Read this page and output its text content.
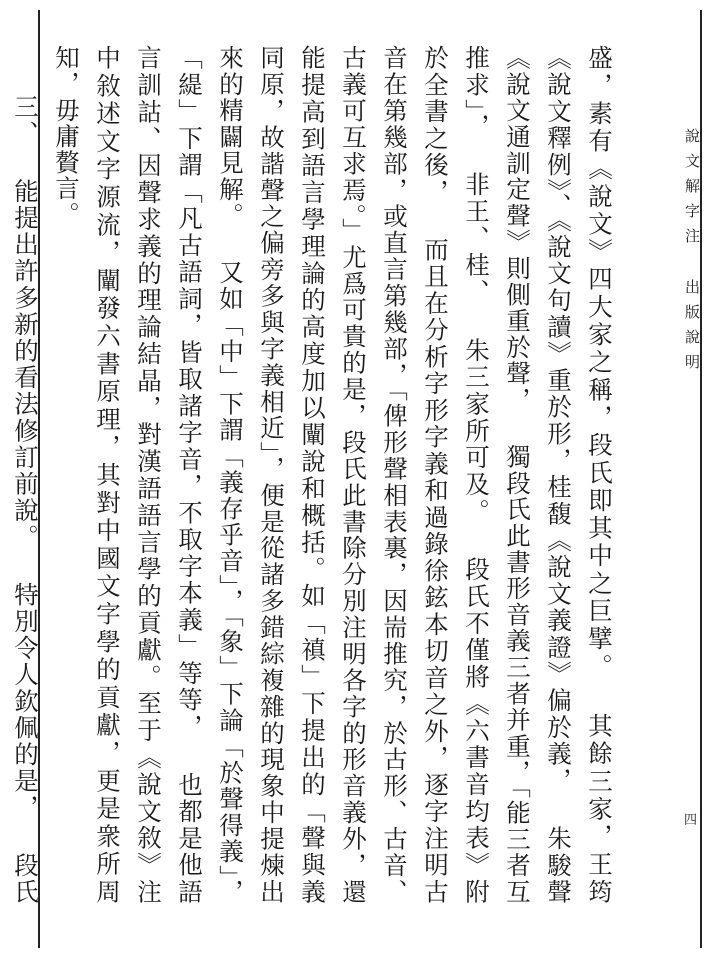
說文解字注出版說明
四

盛，素有《說文》四大家之稱，段氏即其中之巨擘。 其餘三家，王筠《說文釋例》、《說文句讀》重於形，桂馥《說文義證》偏於義， 朱駿聲《說文通訓定聲》則側重於聲， 獨段氏此書形音義三者并重，「能三者互推求」， 非王、桂、 朱三家所可及。 段氏不僅將《六書音均表》附於全書之後， 而且在分析字形字義和過錄徐鉉本切音之外，逐字注明古音在第幾部，或直言第幾部，「俾形聲相表裏，因耑推究，於古形、古音、古義可互求焉。」尤爲可貴的是，段氏此書除分別注明各字的形音義外，還能提高到語言學理論的高度加以闡說和概括。如「禛」下提出的「聲與義同原，故諧聲之偏旁多與字義相近」，便是從諸多錯綜複雜的現象中提煉出來的精闢見解。 又如「中」下謂「義存乎音」，「象」下論「於聲得義」，「緹」下謂「凡古語詞，皆取諸字音，不取字本義」等等， 也都是他語言訓詁、因聲求義的理論結晶，對漢語語言學的貢獻。至于《說文敘》注中敘述文字源流，闡發六書原理，其對中國文字學的貢獻，更是衆所周知，毋庸贅言。

三、 能提出許多新的看法修訂前說。 特別令人欽佩的是， 段氏
